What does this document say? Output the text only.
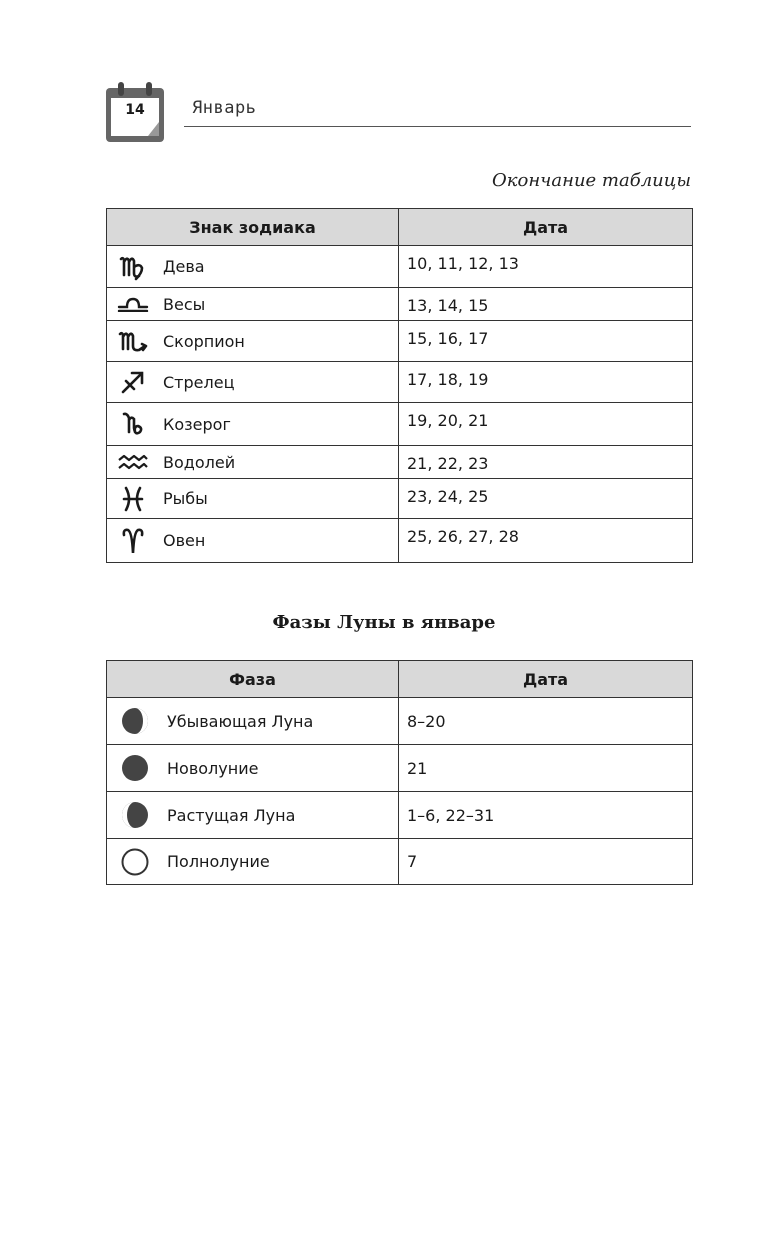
14	Январь
Окончание таблицы
Знак зодиака	Дата

Дева	10, 11, 12, 13

Весы	13, 14, 15

Скорпион	15, 16, 17

Стрелец	17, 18, 19

Козерог	19, 20, 21

Водолей	21, 22, 23

Рыбы	23, 24, 25

Овен	25, 26, 27, 28
Фазы Луны в январе
Фаза	Дата

Убывающая Луна	8–20

Новолуние	21

Растущая Луна	1–6, 22–31

Полнолуние	7
